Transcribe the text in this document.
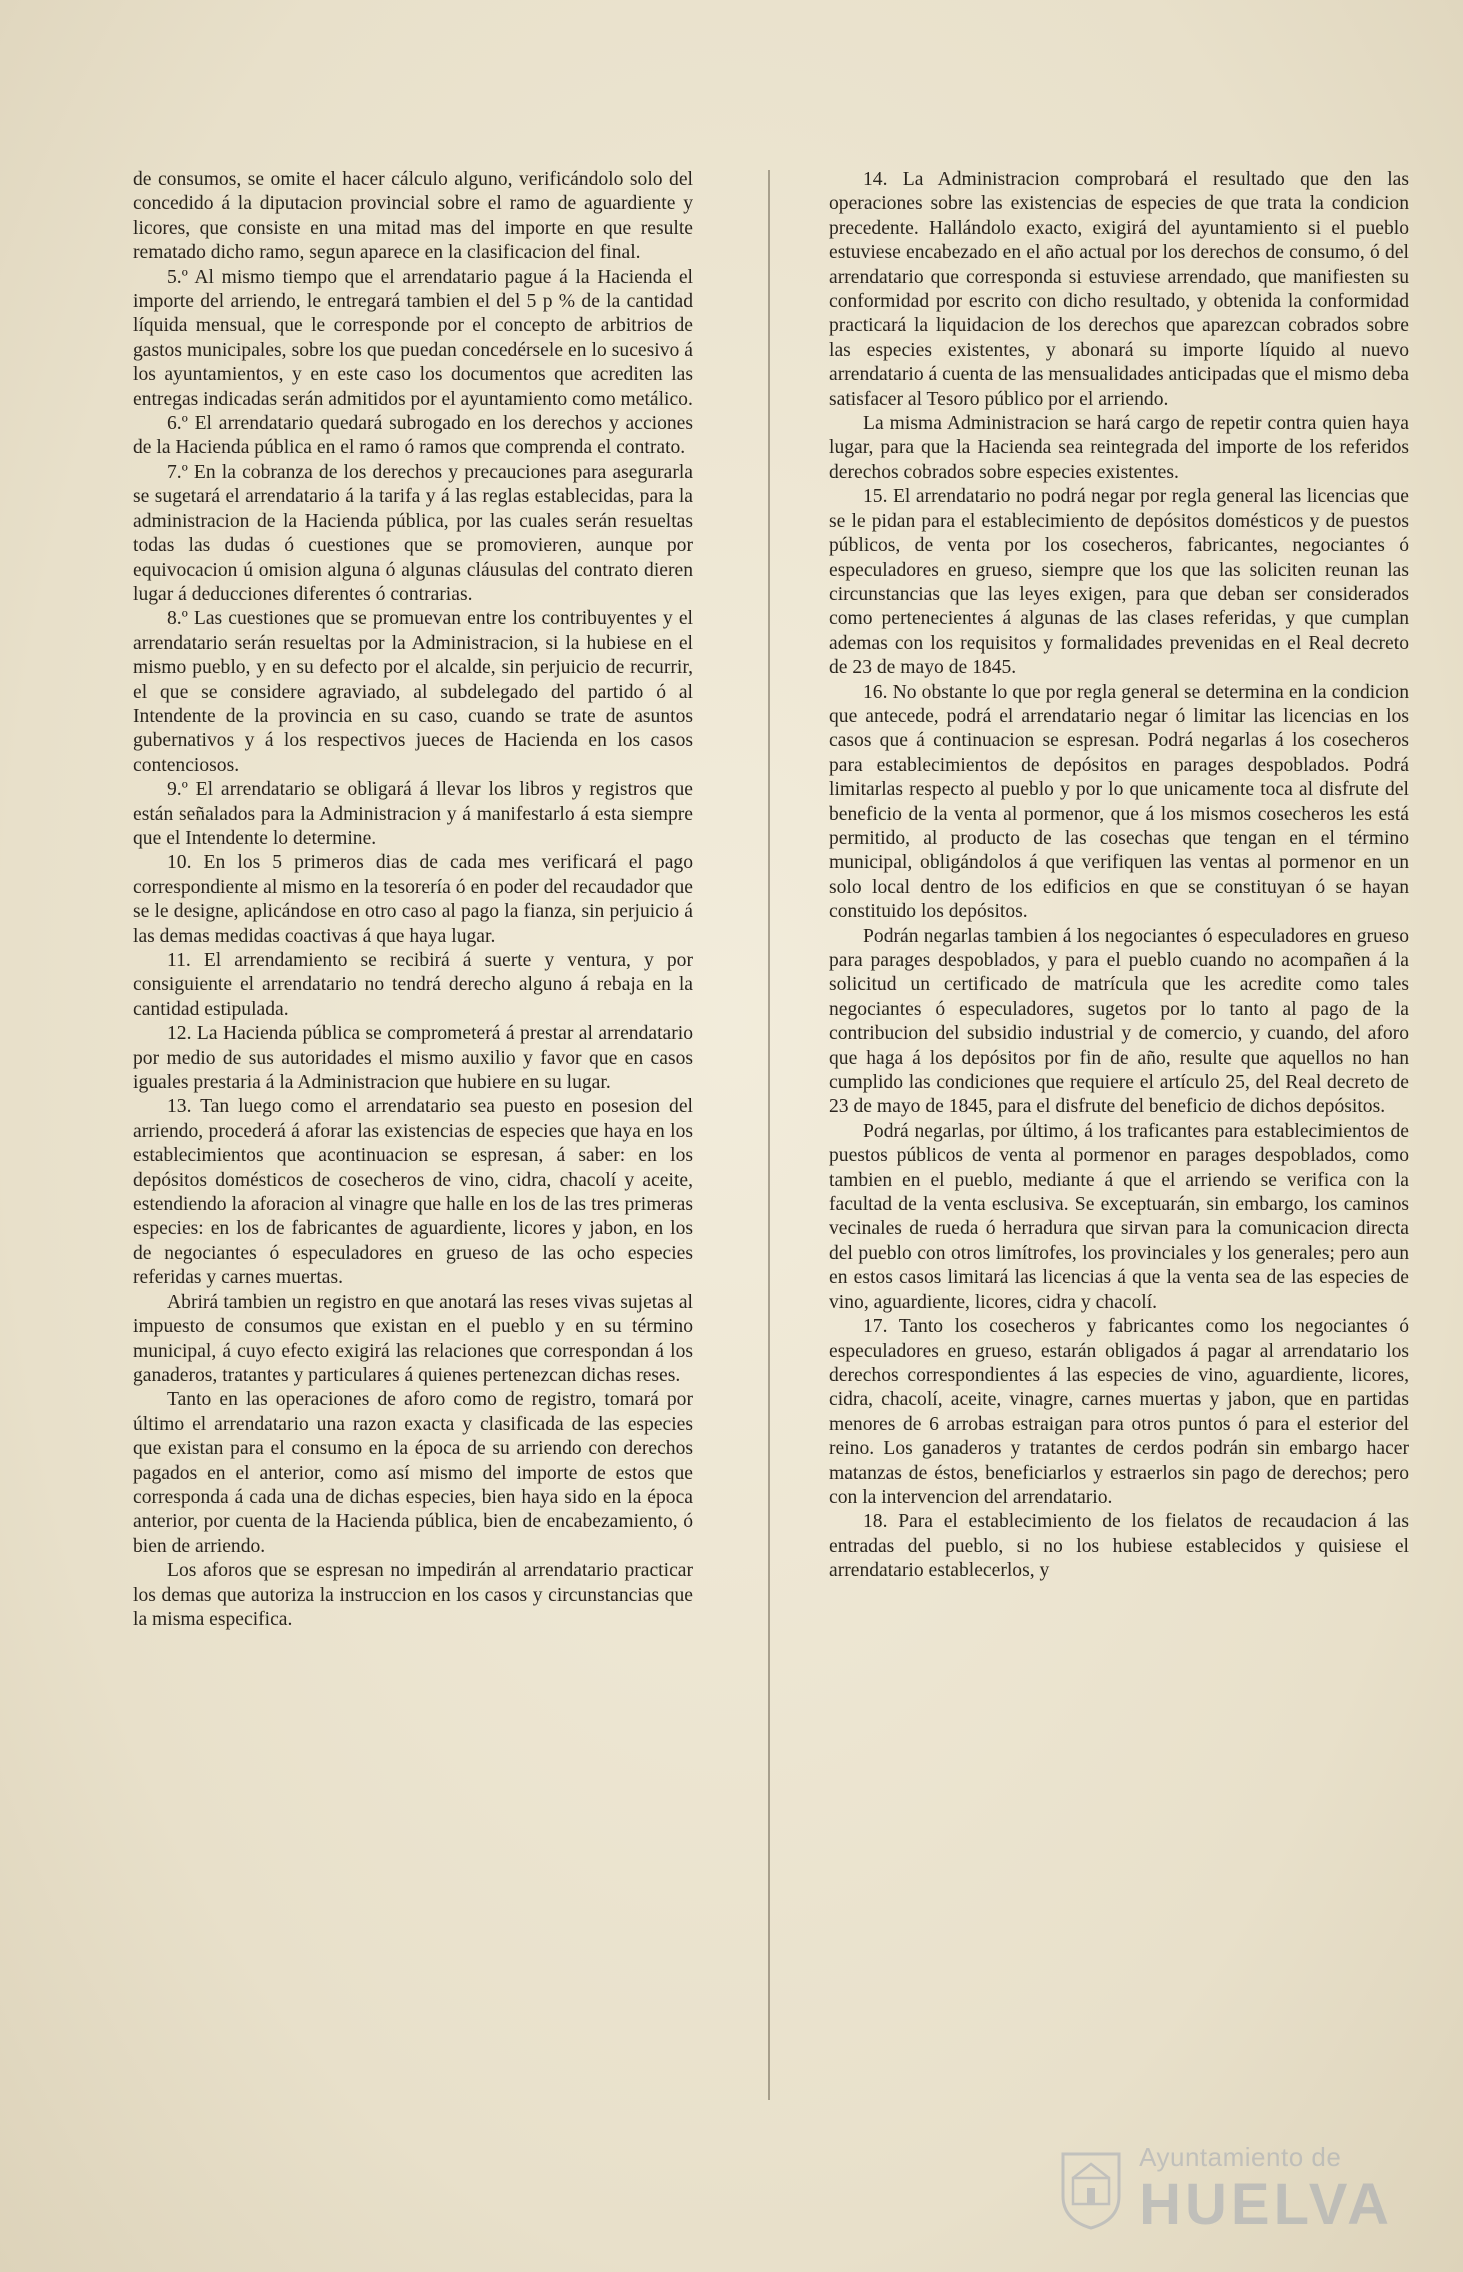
de consumos, se omite el hacer cálculo alguno, verificándolo solo del concedido á la diputacion provincial sobre el ramo de aguardiente y licores, que consiste en una mitad mas del importe en que resulte rematado dicho ramo, segun aparece en la clasificacion del final.

5.º Al mismo tiempo que el arrendatario pague á la Hacienda el importe del arriendo, le entregará tambien el del 5 p % de la cantidad líquida mensual, que le corresponde por el concepto de arbitrios de gastos municipales, sobre los que puedan concedérsele en lo sucesivo á los ayuntamientos, y en este caso los documentos que acrediten las entregas indicadas serán admitidos por el ayuntamiento como metálico.

6.º El arrendatario quedará subrogado en los derechos y acciones de la Hacienda pública en el ramo ó ramos que comprenda el contrato.

7.º En la cobranza de los derechos y precauciones para asegurarla se sugetará el arrendatario á la tarifa y á las reglas establecidas, para la administracion de la Hacienda pública, por las cuales serán resueltas todas las dudas ó cuestiones que se promovieren, aunque por equivocacion ú omision alguna ó algunas cláusulas del contrato dieren lugar á deducciones diferentes ó contrarias.

8.º Las cuestiones que se promuevan entre los contribuyentes y el arrendatario serán resueltas por la Administracion, si la hubiese en el mismo pueblo, y en su defecto por el alcalde, sin perjuicio de recurrir, el que se considere agraviado, al subdelegado del partido ó al Intendente de la provincia en su caso, cuando se trate de asuntos gubernativos y á los respectivos jueces de Hacienda en los casos contenciosos.

9.º El arrendatario se obligará á llevar los libros y registros que están señalados para la Administracion y á manifestarlo á esta siempre que el Intendente lo determine.

10. En los 5 primeros dias de cada mes verificará el pago correspondiente al mismo en la tesorería ó en poder del recaudador que se le designe, aplicándose en otro caso al pago la fianza, sin perjuicio á las demas medidas coactivas á que haya lugar.

11. El arrendamiento se recibirá á suerte y ventura, y por consiguiente el arrendatario no tendrá derecho alguno á rebaja en la cantidad estipulada.

12. La Hacienda pública se comprometerá á prestar al arrendatario por medio de sus autoridades el mismo auxilio y favor que en casos iguales prestaria á la Administracion que hubiere en su lugar.

13. Tan luego como el arrendatario sea puesto en posesion del arriendo, procederá á aforar las existencias de especies que haya en los establecimientos que acontinuacion se espresan, á saber: en los depósitos domésticos de cosecheros de vino, cidra, chacolí y aceite, estendiendo la aforacion al vinagre que halle en los de las tres primeras especies: en los de fabricantes de aguardiente, licores y jabon, en los de negociantes ó especuladores en grueso de las ocho especies referidas y carnes muertas.

Abrirá tambien un registro en que anotará las reses vivas sujetas al impuesto de consumos que existan en el pueblo y en su término municipal, á cuyo efecto exigirá las relaciones que correspondan á los ganaderos, tratantes y particulares á quienes pertenezcan dichas reses.

Tanto en las operaciones de aforo como de registro, tomará por último el arrendatario una razon exacta y clasificada de las especies que existan para el consumo en la época de su arriendo con derechos pagados en el anterior, como así mismo del importe de estos que corresponda á cada una de dichas especies, bien haya sido en la época anterior, por cuenta de la Hacienda pública, bien de encabezamiento, ó bien de arriendo.

Los aforos que se espresan no impedirán al arrendatario practicar los demas que autoriza la instruccion en los casos y circunstancias que la misma especifica.

14. La Administracion comprobará el resultado que den las operaciones sobre las existencias de especies de que trata la condicion precedente. Hallándolo exacto, exigirá del ayuntamiento si el pueblo estuviese encabezado en el año actual por los derechos de consumo, ó del arrendatario que corresponda si estuviese arrendado, que manifiesten su conformidad por escrito con dicho resultado, y obtenida la conformidad practicará la liquidacion de los derechos que aparezcan cobrados sobre las especies existentes, y abonará su importe líquido al nuevo arrendatario á cuenta de las mensualidades anticipadas que el mismo deba satisfacer al Tesoro público por el arriendo.

La misma Administracion se hará cargo de repetir contra quien haya lugar, para que la Hacienda sea reintegrada del importe de los referidos derechos cobrados sobre especies existentes.

15. El arrendatario no podrá negar por regla general las licencias que se le pidan para el establecimiento de depósitos domésticos y de puestos públicos, de venta por los cosecheros, fabricantes, negociantes ó especuladores en grueso, siempre que los que las soliciten reunan las circunstancias que las leyes exigen, para que deban ser considerados como pertenecientes á algunas de las clases referidas, y que cumplan ademas con los requisitos y formalidades prevenidas en el Real decreto de 23 de mayo de 1845.

16. No obstante lo que por regla general se determina en la condicion que antecede, podrá el arrendatario negar ó limitar las licencias en los casos que á continuacion se espresan. Podrá negarlas á los cosecheros para establecimientos de depósitos en parages despoblados. Podrá limitarlas respecto al pueblo y por lo que unicamente toca al disfrute del beneficio de la venta al pormenor, que á los mismos cosecheros les está permitido, al producto de las cosechas que tengan en el término municipal, obligándolos á que verifiquen las ventas al pormenor en un solo local dentro de los edificios en que se constituyan ó se hayan constituido los depósitos.

Podrán negarlas tambien á los negociantes ó especuladores en grueso para parages despoblados, y para el pueblo cuando no acompañen á la solicitud un certificado de matrícula que les acredite como tales negociantes ó especuladores, sugetos por lo tanto al pago de la contribucion del subsidio industrial y de comercio, y cuando, del aforo que haga á los depósitos por fin de año, resulte que aquellos no han cumplido las condiciones que requiere el artículo 25, del Real decreto de 23 de mayo de 1845, para el disfrute del beneficio de dichos depósitos.

Podrá negarlas, por último, á los traficantes para establecimientos de puestos públicos de venta al pormenor en parages despoblados, como tambien en el pueblo, mediante á que el arriendo se verifica con la facultad de la venta esclusiva. Se exceptuarán, sin embargo, los caminos vecinales de rueda ó herradura que sirvan para la comunicacion directa del pueblo con otros limítrofes, los provinciales y los generales; pero aun en estos casos limitará las licencias á que la venta sea de las especies de vino, aguardiente, licores, cidra y chacolí.

17. Tanto los cosecheros y fabricantes como los negociantes ó especuladores en grueso, estarán obligados á pagar al arrendatario los derechos correspondientes á las especies de vino, aguardiente, licores, cidra, chacolí, aceite, vinagre, carnes muertas y jabon, que en partidas menores de 6 arrobas estraigan para otros puntos ó para el esterior del reino. Los ganaderos y tratantes de cerdos podrán sin embargo hacer matanzas de éstos, beneficiarlos y estraerlos sin pago de derechos; pero con la intervencion del arrendatario.

18. Para el establecimiento de los fielatos de recaudacion á las entradas del pueblo, si no los hubiese establecidos y quisiese el arrendatario establecerlos, y

Ayuntamiento de
HUELVA
